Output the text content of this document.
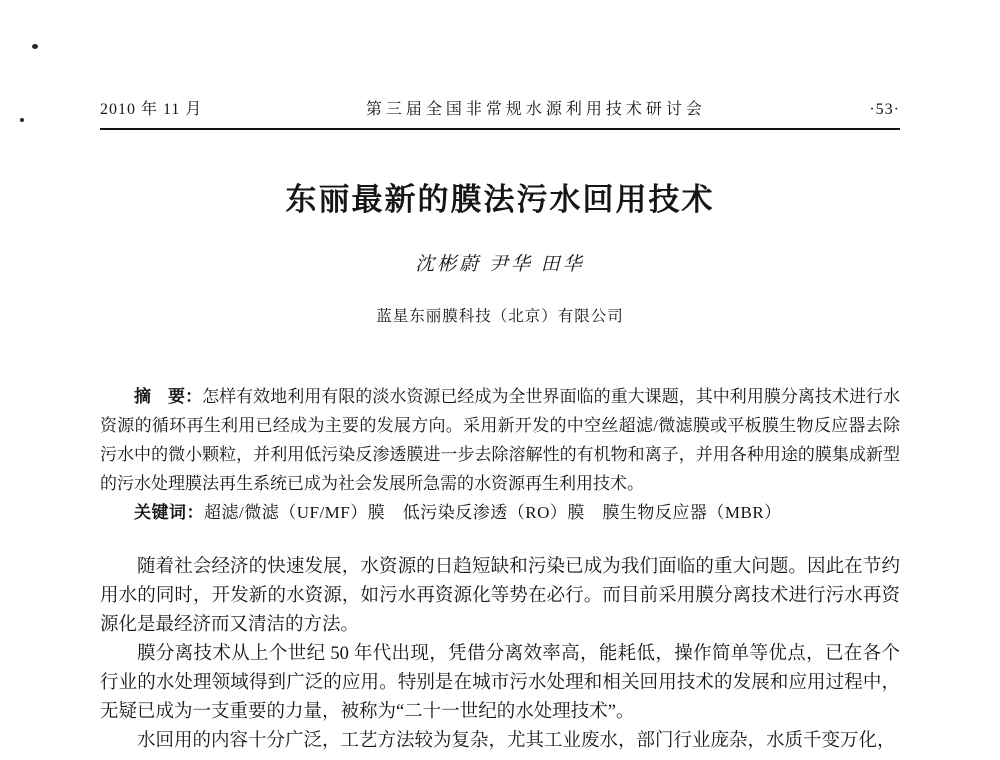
2010 年 11 月	第三届全国非常规水源利用技术研讨会	·53·
东丽最新的膜法污水回用技术
沈彬蔚 尹华 田华
蓝星东丽膜科技（北京）有限公司
摘　要：怎样有效地利用有限的淡水资源已经成为全世界面临的重大课题，其中利用膜分离技术进行水资源的循环再生利用已经成为主要的发展方向。采用新开发的中空丝超滤/微滤膜或平板膜生物反应器去除污水中的微小颗粒，并利用低污染反渗透膜进一步去除溶解性的有机物和离子，并用各种用途的膜集成新型的污水处理膜法再生系统已成为社会发展所急需的水资源再生利用技术。
关键词：超滤/微滤（UF/MF）膜　低污染反渗透（RO）膜　膜生物反应器（MBR）

随着社会经济的快速发展，水资源的日趋短缺和污染已成为我们面临的重大问题。因此在节约用水的同时，开发新的水资源，如污水再资源化等势在必行。而目前采用膜分离技术进行污水再资源化是最经济而又清洁的方法。

膜分离技术从上个世纪 50 年代出现，凭借分离效率高，能耗低，操作简单等优点，已在各个行业的水处理领域得到广泛的应用。特别是在城市污水处理和相关回用技术的发展和应用过程中，无疑已成为一支重要的力量，被称为“二十一世纪的水处理技术”。

水回用的内容十分广泛，工艺方法较为复杂，尤其工业废水，部门行业庞杂，水质千变万化，
